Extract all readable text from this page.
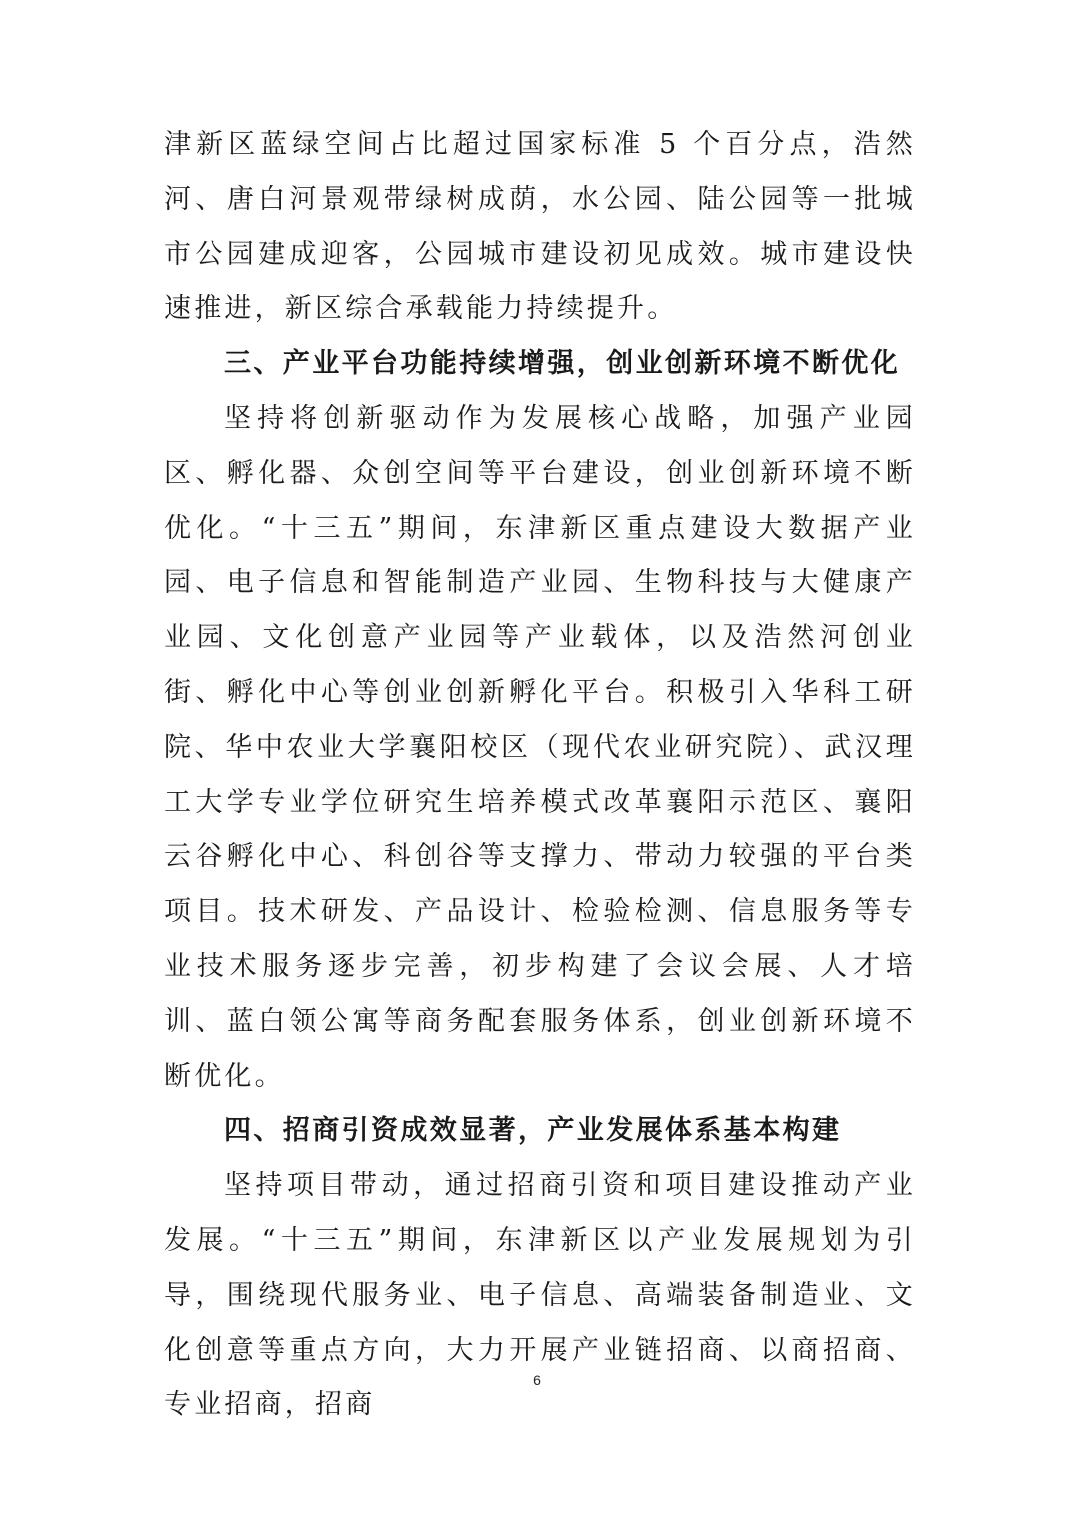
津新区蓝绿空间占比超过国家标准 5 个百分点，浩然河、唐白河景观带绿树成荫，水公园、陆公园等一批城市公园建成迎客，公园城市建设初见成效。城市建设快速推进，新区综合承载能力持续提升。

三、产业平台功能持续增强，创业创新环境不断优化

坚持将创新驱动作为发展核心战略，加强产业园区、孵化器、众创空间等平台建设，创业创新环境不断优化。“十三五”期间，东津新区重点建设大数据产业园、电子信息和智能制造产业园、生物科技与大健康产业园、文化创意产业园等产业载体，以及浩然河创业街、孵化中心等创业创新孵化平台。积极引入华科工研院、华中农业大学襄阳校区（现代农业研究院）、武汉理工大学专业学位研究生培养模式改革襄阳示范区、襄阳云谷孵化中心、科创谷等支撑力、带动力较强的平台类项目。技术研发、产品设计、检验检测、信息服务等专业技术服务逐步完善，初步构建了会议会展、人才培训、蓝白领公寓等商务配套服务体系，创业创新环境不断优化。

四、招商引资成效显著，产业发展体系基本构建

坚持项目带动，通过招商引资和项目建设推动产业发展。“十三五”期间，东津新区以产业发展规划为引导，围绕现代服务业、电子信息、高端装备制造业、文化创意等重点方向，大力开展产业链招商、以商招商、专业招商，招商

6
